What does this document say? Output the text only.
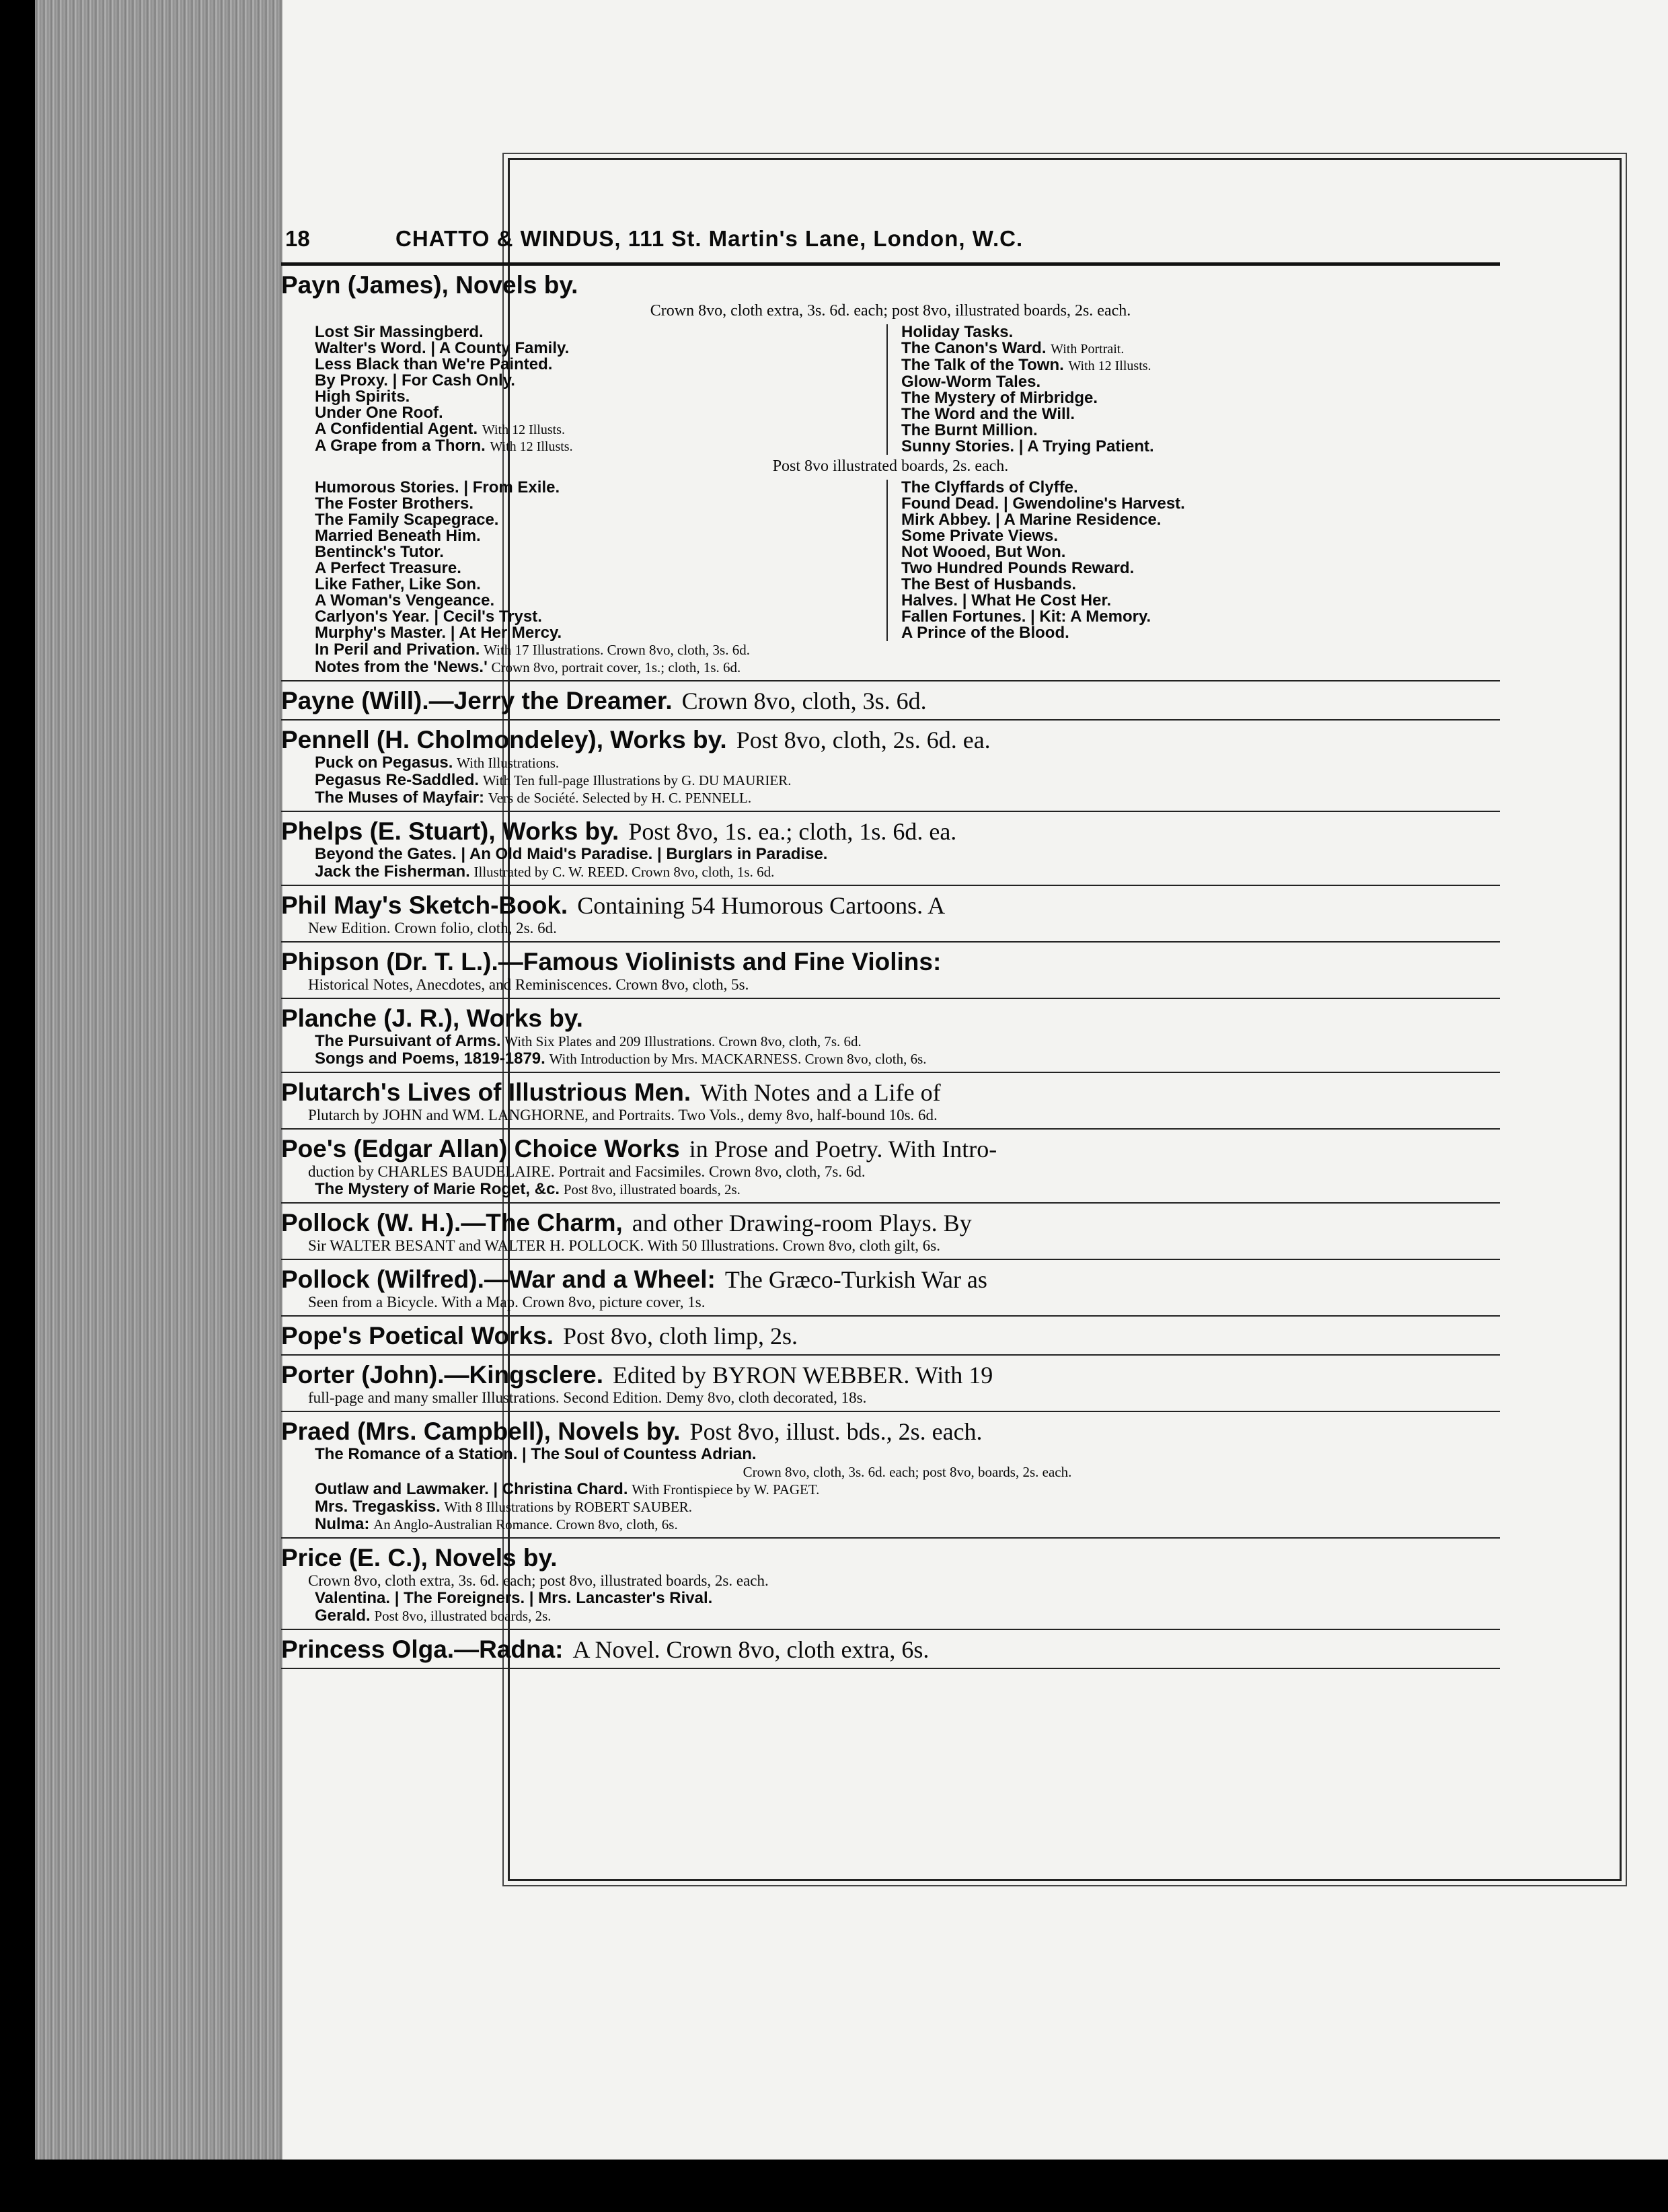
18	CHATTO & WINDUS, 111 St. Martin's Lane, London, W.C.
Payn (James), Novels by.
Crown 8vo, cloth extra, 3s. 6d. each; post 8vo, illustrated boards, 2s. each.
Lost Sir Massingberd.
Walter's Word. | A County Family.
Less Black than We're Painted.
By Proxy. | For Cash Only.
High Spirits.
Under One Roof.
A Confidential Agent. With 12 Illusts.
A Grape from a Thorn. With 12 Illusts.
Holiday Tasks.
The Canon's Ward. With Portrait.
The Talk of the Town. With 12 Illusts.
Glow-Worm Tales.
The Mystery of Mirbridge.
The Word and the Will.
The Burnt Million.
Sunny Stories. | A Trying Patient.
Post 8vo illustrated boards, 2s. each.
Humorous Stories. | From Exile.
The Foster Brothers.
The Family Scapegrace.
Married Beneath Him.
Bentinck's Tutor.
A Perfect Treasure.
Like Father, Like Son.
A Woman's Vengeance.
Carlyon's Year. | Cecil's Tryst.
Murphy's Master. | At Her Mercy.
The Clyffards of Clyffe.
Found Dead. | Gwendoline's Harvest.
Mirk Abbey. | A Marine Residence.
Some Private Views.
Not Wooed, But Won.
Two Hundred Pounds Reward.
The Best of Husbands.
Halves. | What He Cost Her.
Fallen Fortunes. | Kit: A Memory.
A Prince of the Blood.
In Peril and Privation. With 17 Illustrations. Crown 8vo, cloth, 3s. 6d.
Notes from the 'News.' Crown 8vo, portrait cover, 1s.; cloth, 1s. 6d.
Payne (Will).—Jerry the Dreamer. Crown 8vo, cloth, 3s. 6d.
Pennell (H. Cholmondeley), Works by. Post 8vo, cloth, 2s. 6d. ea.
Puck on Pegasus. With Illustrations.
Pegasus Re-Saddled. With Ten full-page Illustrations by G. DU MAURIER.
The Muses of Mayfair: Vers de Société. Selected by H. C. PENNELL.
Phelps (E. Stuart), Works by. Post 8vo, 1s. ea.; cloth, 1s. 6d. ea.
Beyond the Gates. | An Old Maid's Paradise. | Burglars in Paradise.
Jack the Fisherman. Illustrated by C. W. REED. Crown 8vo, cloth, 1s. 6d.
Phil May's Sketch-Book. Containing 54 Humorous Cartoons. A
New Edition. Crown folio, cloth, 2s. 6d.
Phipson (Dr. T. L.).—Famous Violinists and Fine Violins:
Historical Notes, Anecdotes, and Reminiscences. Crown 8vo, cloth, 5s.
Planche (J. R.), Works by.
The Pursuivant of Arms. With Six Plates and 209 Illustrations. Crown 8vo, cloth, 7s. 6d.
Songs and Poems, 1819-1879. With Introduction by Mrs. MACKARNESS. Crown 8vo, cloth, 6s.
Plutarch's Lives of Illustrious Men. With Notes and a Life of
Plutarch by JOHN and WM. LANGHORNE, and Portraits. Two Vols., demy 8vo, half-bound 10s. 6d.
Poe's (Edgar Allan) Choice Works in Prose and Poetry. With Intro-
duction by CHARLES BAUDELAIRE. Portrait and Facsimiles. Crown 8vo, cloth, 7s. 6d.
The Mystery of Marie Roget, &c. Post 8vo, illustrated boards, 2s.
Pollock (W. H.).—The Charm, and other Drawing-room Plays. By
Sir WALTER BESANT and WALTER H. POLLOCK. With 50 Illustrations. Crown 8vo, cloth gilt, 6s.
Pollock (Wilfred).—War and a Wheel: The Græco-Turkish War as
Seen from a Bicycle. With a Map. Crown 8vo, picture cover, 1s.
Pope's Poetical Works. Post 8vo, cloth limp, 2s.
Porter (John).—Kingsclere. Edited by BYRON WEBBER. With 19
full-page and many smaller Illustrations. Second Edition. Demy 8vo, cloth decorated, 18s.
Praed (Mrs. Campbell), Novels by. Post 8vo, illust. bds., 2s. each.
The Romance of a Station. | The Soul of Countess Adrian.
Crown 8vo, cloth, 3s. 6d. each; post 8vo, boards, 2s. each.
Outlaw and Lawmaker. | Christina Chard. With Frontispiece by W. PAGET.
Mrs. Tregaskiss. With 8 Illustrations by ROBERT SAUBER.
Nulma: An Anglo-Australian Romance. Crown 8vo, cloth, 6s.
Price (E. C.), Novels by.
Crown 8vo, cloth extra, 3s. 6d. each; post 8vo, illustrated boards, 2s. each.
Valentina. | The Foreigners. | Mrs. Lancaster's Rival.
Gerald. Post 8vo, illustrated boards, 2s.
Princess Olga.—Radna: A Novel. Crown 8vo, cloth extra, 6s.
